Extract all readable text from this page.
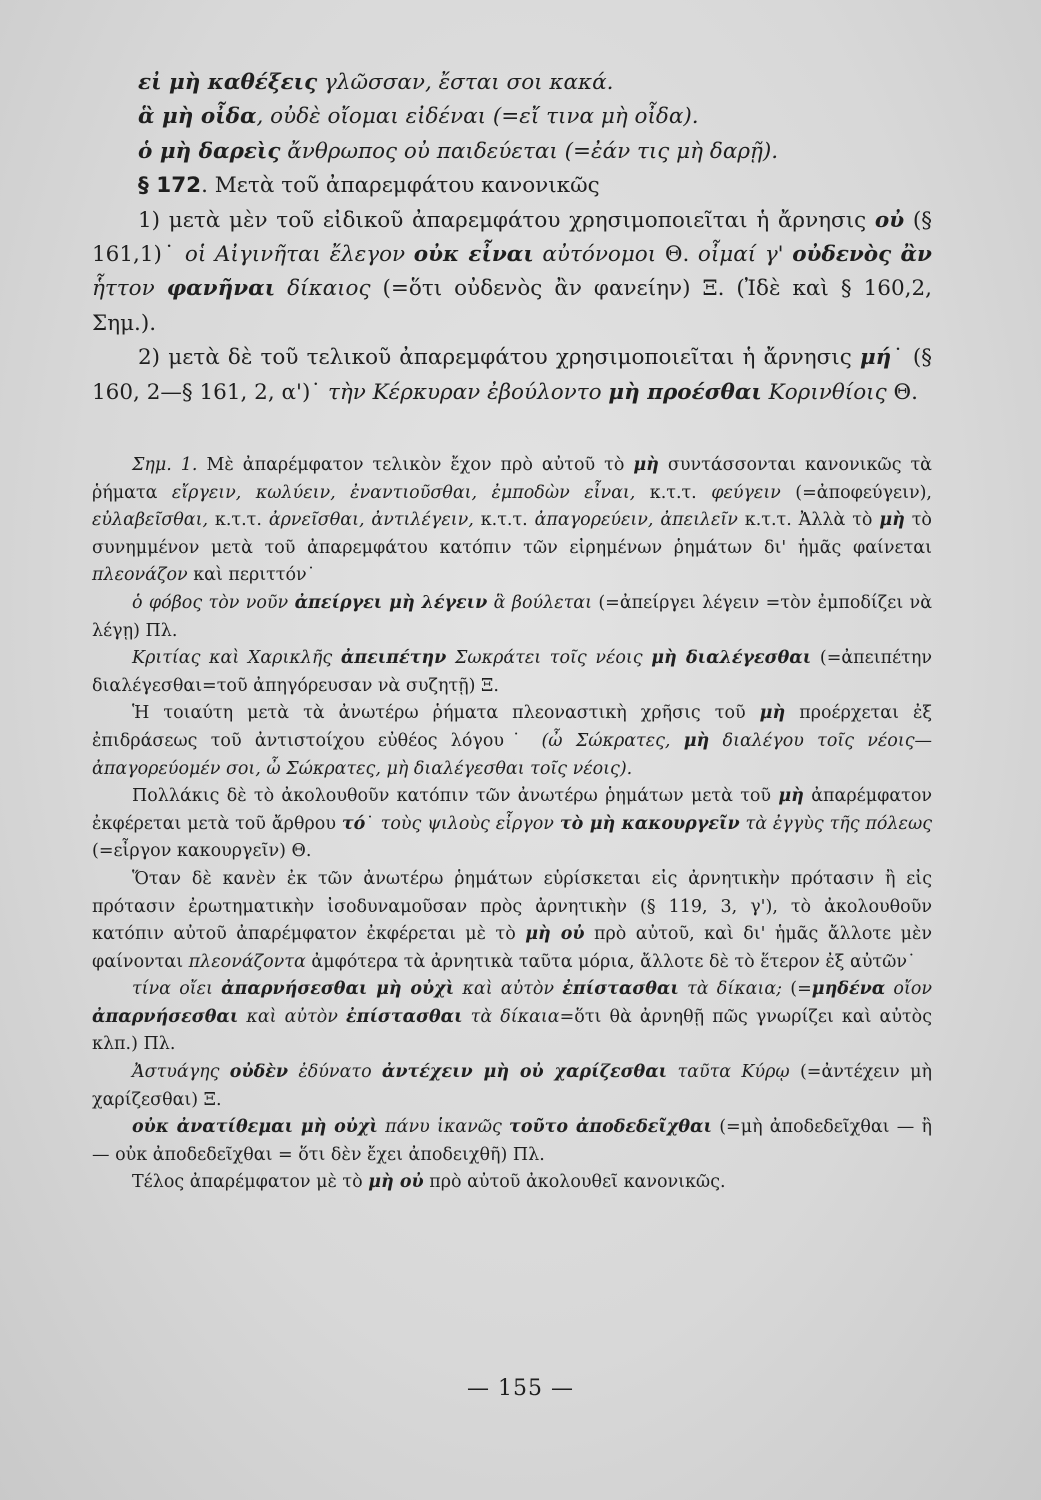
εἰ μὴ καθέξεις γλῶσσαν, ἔσται σοι κακά.

ἃ μὴ οἶδα, οὐδὲ οἴομαι εἰδέναι (=εἴ τινα μὴ οἶδα).

ὁ μὴ δαρεὶς ἄνθρωπος οὐ παιδεύεται (=ἐάν τις μὴ δαρῇ).

§ 172. Μετὰ τοῦ ἀπαρεμφάτου κανονικῶς

1) μετὰ μὲν τοῦ εἰδικοῦ ἀπαρεμφάτου χρησιμοποιεῖται ἡ ἄρνησις οὐ (§ 161,1)˙ οἱ Αἰγινῆται ἔλεγον οὐκ εἶναι αὐτόνομοι Θ. οἶμαί γ' οὐδενὸς ἂν ἧττον φανῆναι δίκαιος (=ὅτι οὐδενὸς ἂν φανείην) Ξ. (Ἰδὲ καὶ § 160,2, Σημ.).

2) μετὰ δὲ τοῦ τελικοῦ ἀπαρεμφάτου χρησιμοποιεῖται ἡ ἄρνησις μή˙ (§ 160, 2—§ 161, 2, α')˙ τὴν Κέρκυραν ἐβούλοντο μὴ προέσθαι Κορινθίοις Θ.

Σημ. 1. Μὲ ἀπαρέμφατον τελικὸν ἔχον πρὸ αὐτοῦ τὸ μὴ συντάσσονται κανονικῶς τὰ ῥήματα εἴργειν, κωλύειν, ἐναντιοῦσθαι, ἐμποδὼν εἶναι, κ.τ.τ. φεύγειν (=ἀποφεύγειν), εὐλαβεῖσθαι, κ.τ.τ. ἀρνεῖσθαι, ἀντιλέγειν, κ.τ.τ. ἀπαγορεύειν, ἀπειλεῖν κ.τ.τ. Ἀλλὰ τὸ μὴ τὸ συνημμένον μετὰ τοῦ ἀπαρεμφάτου κατόπιν τῶν εἰρημένων ῥημάτων δι' ἡμᾶς φαίνεται πλεονάζον καὶ περιττόν˙

ὁ φόβος τὸν νοῦν ἀπείργει μὴ λέγειν ἃ βούλεται (=ἀπείργει λέγειν =τὸν ἐμποδίζει νὰ λέγῃ) Πλ.

Κριτίας καὶ Χαρικλῆς ἀπειπέτην Σωκράτει τοῖς νέοις μὴ διαλέγεσθαι (=ἀπειπέτην διαλέγεσθαι=τοῦ ἀπηγόρευσαν νὰ συζητῇ) Ξ.

Ἡ τοιαύτη μετὰ τὰ ἀνωτέρω ῥήματα πλεοναστικὴ χρῆσις τοῦ μὴ προέρχεται ἐξ ἐπιδράσεως τοῦ ἀντιστοίχου εὐθέος λόγου˙ (ὦ Σώκρατες, μὴ διαλέγου τοῖς νέοις—ἀπαγορεύομέν σοι, ὦ Σώκρατες, μὴ διαλέγεσθαι τοῖς νέοις).

Πολλάκις δὲ τὸ ἀκολουθοῦν κατόπιν τῶν ἀνωτέρω ῥημάτων μετὰ τοῦ μὴ ἀπαρέμφατον ἐκφέρεται μετὰ τοῦ ἄρθρου τό˙ τοὺς ψιλοὺς εἶργον τὸ μὴ κακουργεῖν τὰ ἐγγὺς τῆς πόλεως (=εἶργον κακουργεῖν) Θ.

Ὅταν δὲ κανὲν ἐκ τῶν ἀνωτέρω ῥημάτων εὑρίσκεται εἰς ἀρνητικὴν πρότασιν ἢ εἰς πρότασιν ἐρωτηματικὴν ἰσοδυναμοῦσαν πρὸς ἀρνητικὴν (§ 119, 3, γ'), τὸ ἀκολουθοῦν κατόπιν αὐτοῦ ἀπαρέμφατον ἐκφέρεται μὲ τὸ μὴ οὐ πρὸ αὐτοῦ, καὶ δι' ἡμᾶς ἄλλοτε μὲν φαίνονται πλεονάζοντα ἀμφότερα τὰ ἀρνητικὰ ταῦτα μόρια, ἄλλοτε δὲ τὸ ἕτερον ἐξ αὐτῶν˙

τίνα οἴει ἀπαρνήσεσθαι μὴ οὐχὶ καὶ αὐτὸν ἐπίστασθαι τὰ δίκαια; (=μηδένα οἴον ἀπαρνήσεσθαι καὶ αὐτὸν ἐπίστασθαι τὰ δίκαια=ὅτι θὰ ἀρνηθῇ πῶς γνωρίζει καὶ αὐτὸς κλπ.) Πλ.

Ἀστυάγης οὐδὲν ἐδύνατο ἀντέχειν μὴ οὐ χαρίζεσθαι ταῦτα Κύρῳ (=ἀντέχειν μὴ χαρίζεσθαι) Ξ.

οὐκ ἀνατίθεμαι μὴ οὐχὶ πάνυ ἱκανῶς τοῦτο ἀποδεδεῖχθαι (=μὴ ἀποδεδεῖχθαι — ἢ — οὐκ ἀποδεδεῖχθαι = ὅτι δὲν ἔχει ἀποδειχθῆ) Πλ.

Τέλος ἀπαρέμφατον μὲ τὸ μὴ οὐ πρὸ αὐτοῦ ἀκολουθεῖ κανονικῶς.

— 155 —
